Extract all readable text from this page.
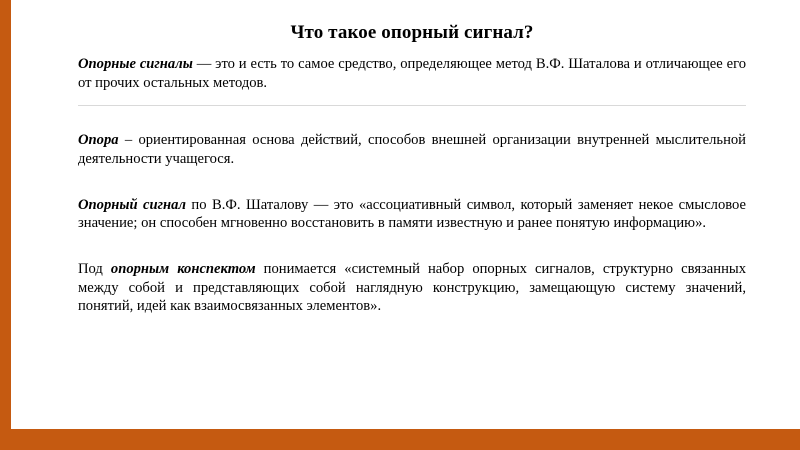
Что такое опорный сигнал?

Опорные сигналы — это и есть то самое средство, определяющее метод В.Ф. Шаталова и отличающее его от прочих остальных методов.

Опора – ориентированная основа действий, способов внешней организации внутренней мыслительной деятельности учащегося.

Опорный сигнал по В.Ф. Шаталову — это «ассоциативный символ, который заменяет некое смысловое значение; он способен мгновенно восстановить в памяти известную и ранее понятую информацию».

Под опорным конспектом понимается «системный набор опорных сигналов, структурно связанных между собой и представляющих собой наглядную конструкцию, замещающую систему значений, понятий, идей как взаимосвязанных элементов».
